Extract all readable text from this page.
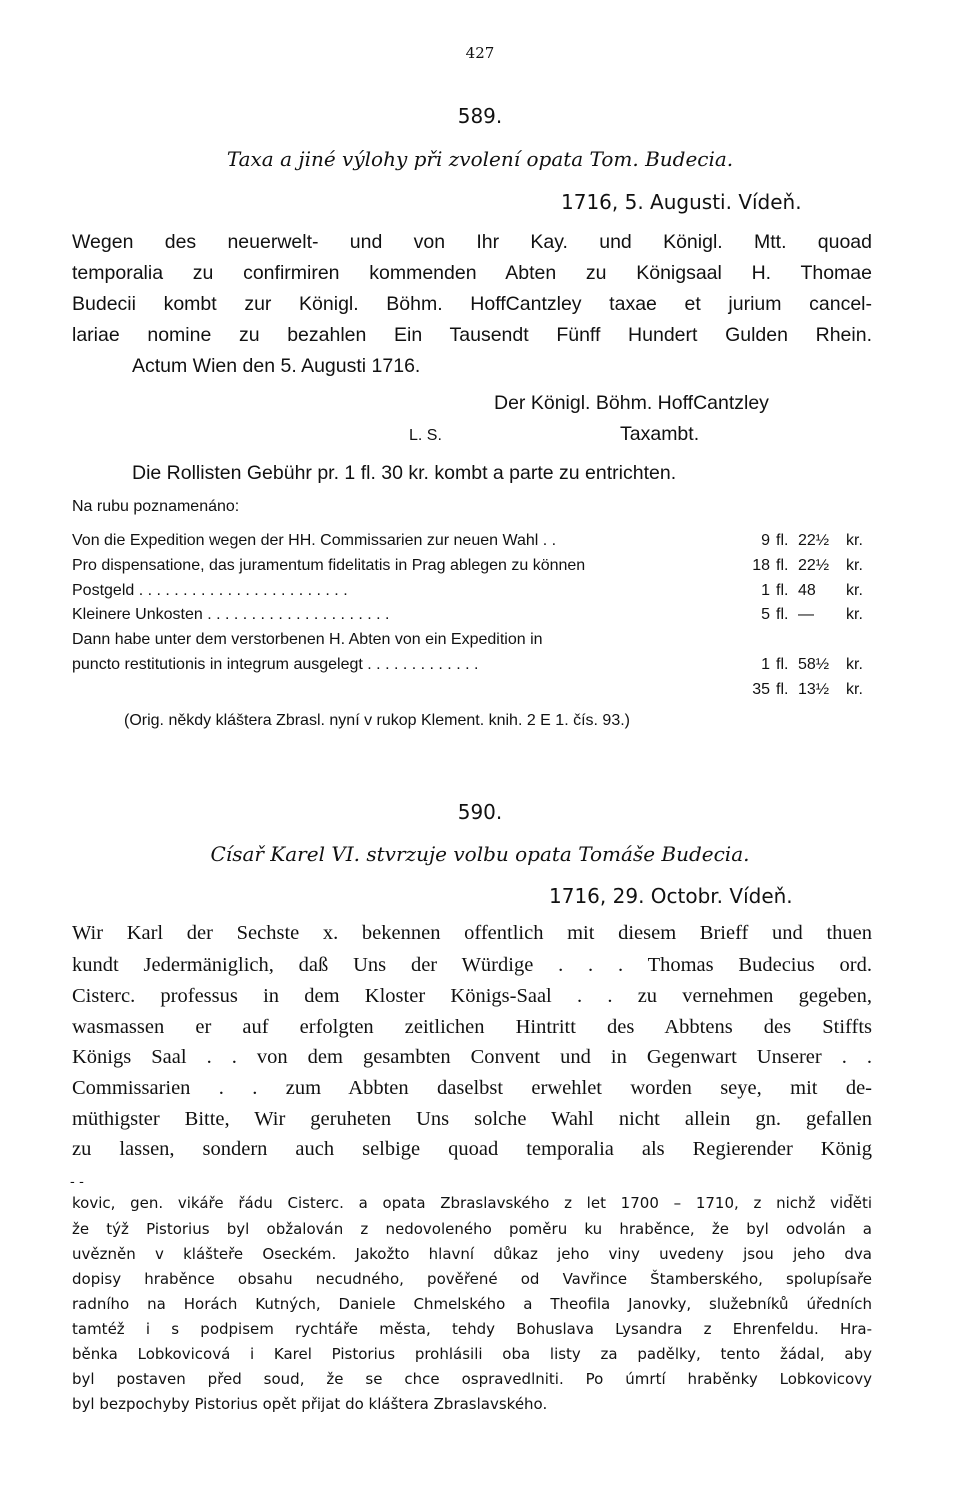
427
589.
Taxa a jiné výlohy při zvolení opata Tom. Budecia.
1716, 5. Augusti. Vídeň.
Wegen des neuerwelt- und von Ihr Kay. und Königl. Mtt. quoad
temporalia zu confirmiren kommenden Abten zu Königsaal H. Thomae
Budecii kombt zur Königl. Böhm. HoffCantzley taxae et jurium cancel-
lariae nomine zu bezahlen Ein Tausendt Fünff Hundert Gulden Rhein.
Actum Wien den 5. Augusti 1716.
Der Königl. Böhm. HoffCantzley
L. S.	Taxambt.
Die Rollisten Gebühr pr. 1 fl. 30 kr. kombt a parte zu entrichten.
Na rubu poznamenáno:
Von die Expedition wegen der HH. Commissarien zur neuen Wahl . .	9 fl. 22½	kr.
Pro dispensatione, das juramentum fidelitatis in Prag ablegen zu können	18 fl. 22½	kr.
Postgeld . . . . . . . . . . . . . . . . . . . . . . . .	1 fl. 48	kr.
Kleinere Unkosten . . . . . . . . . . . . . . . . . . . . .	5 fl. —	kr.
Dann habe unter dem verstorbenen H. Abten von ein Expedition in
puncto restitutionis in integrum ausgelegt . . . . . . . . . . . . .	1 fl. 58½	kr.
35 fl. 13½	kr.
(Orig. někdy kláštera Zbrasl. nyní v rukop Klement. knih. 2 E 1. čís. 93.)
590.
Císař Karel VI. stvrzuje volbu opata Tomáše Budecia.
1716, 29. Octobr. Vídeň.
Wir Karl der Sechste x. bekennen offentlich mit diesem Brieff und thuen
kundt Jedermäniglich, daß Uns der Würdige . . . Thomas Budecius ord.
Cisterc. professus in dem Kloster Königs-Saal . . zu vernehmen gegeben,
wasmassen er auf erfolgten zeitlichen Hintritt des Abbtens des Stiffts
Königs Saal . . von dem gesambten Convent und in Gegenwart Unserer . .
Commissarien . . zum Abbten daselbst erwehlet worden seye, mit de-
müthigster Bitte, Wir geruheten Uns solche Wahl nicht allein gn. gefallen
zu lassen, sondern auch selbige quoad temporalia als Regierender König
- -
kovic, gen. vikáře řádu Cisterc. a opata Zbraslavského z let 1700 – 1710, z nichž vid̄ěti
že týž Pistorius byl obžalován z nedovoleného poměru ku hraběnce, že byl odvolán a
uvězněn v klášteře Oseckém. Jakožto hlavní důkaz jeho viny uvedeny jsou jeho dva
dopisy hraběnce obsahu necudného, pověřené od Vavřince Štamberského, spolupísaře
radního na Horách Kutných, Daniele Chmelského a Theofila Janovky, služebníků úředních
tamtéž i s podpisem rychtáře města, tehdy Bohuslava Lysandra z Ehrenfeldu. Hra-
běnka Lobkovicová i Karel Pistorius prohlásili oba listy za padělky, tento žádal, aby
byl postaven před soud, že se chce ospravedlniti. Po úmrtí hraběnky Lobkovicovy
byl bezpochyby Pistorius opět přijat do kláštera Zbraslavského.
